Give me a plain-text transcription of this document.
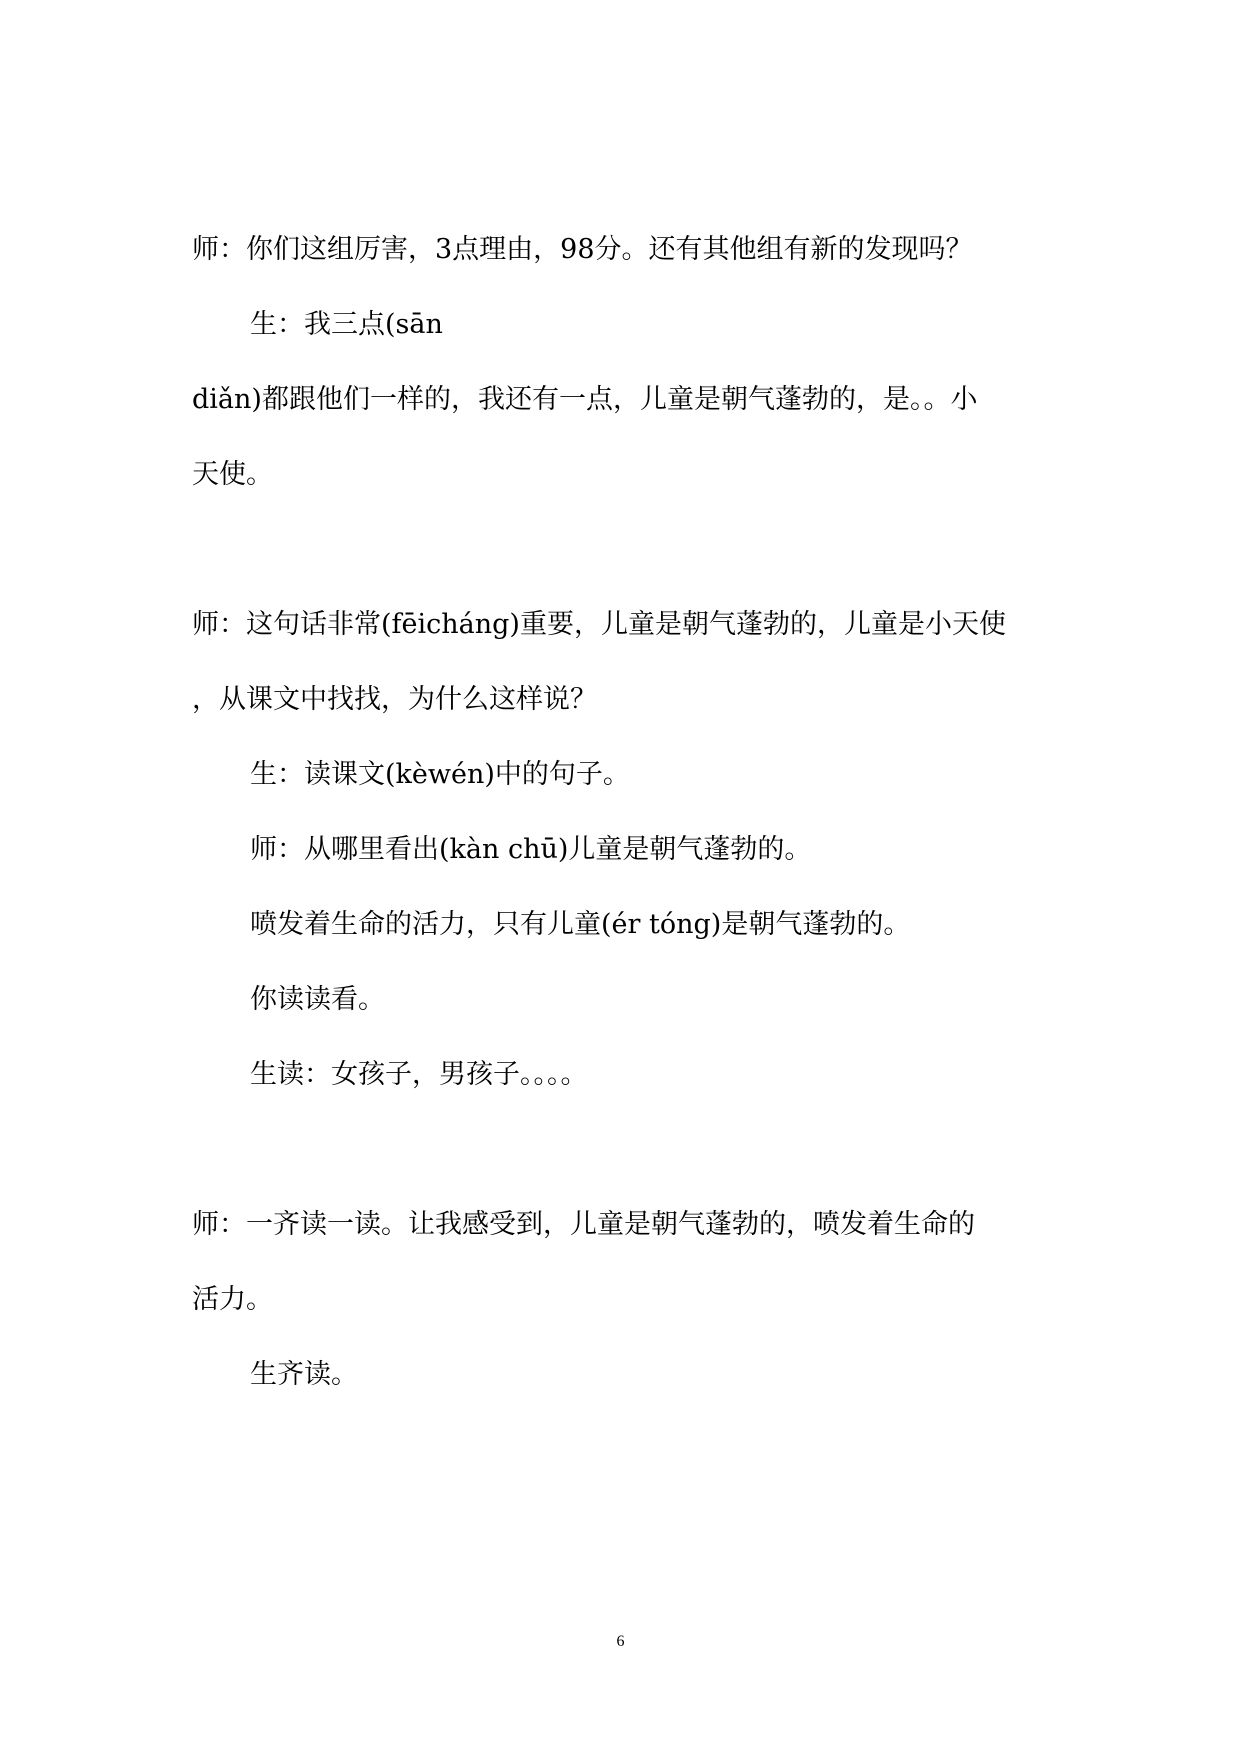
师：你们这组厉害，3点理由，98分。还有其他组有新的发现吗？
生：我三点(sān
diǎn)都跟他们一样的，我还有一点，儿童是朝气蓬勃的，是。。小
天使。
师：这句话非常(fēicháng)重要，儿童是朝气蓬勃的，儿童是小天使
，从课文中找找，为什么这样说？
生：读课文(kèwén)中的句子。
师：从哪里看出(kàn chū)儿童是朝气蓬勃的。
喷发着生命的活力，只有儿童(ér tóng)是朝气蓬勃的。
你读读看。
生读：女孩子，男孩子。。。。
师：一齐读一读。让我感受到，儿童是朝气蓬勃的，喷发着生命的
活力。
生齐读。
6
